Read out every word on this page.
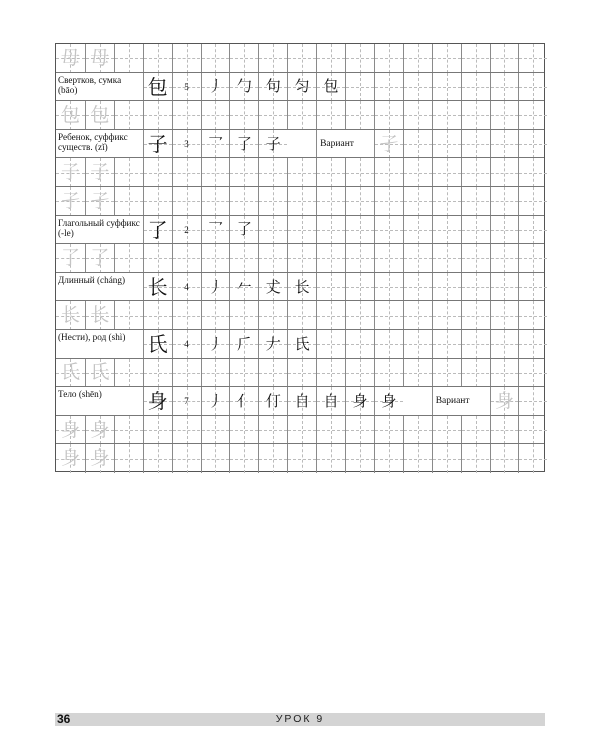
母 母
Свертков, сумка (bāo)	包	5	丿 勹 句 匀 包
包 包
Ребенок, суффикс существ. (zǐ)	子	3	乛 了 子	Вариант 孑
子 子
孑 孑
Глагольный суффикс (-le)	了	2	乛 了
了 了
Длинный (cháng)	长	4	丿 𠂉 𠀋 长
长 长
(Нести), род (shì)	氏	4	丿 𠂆 𠂇 氏
氏 氏
Тело (shēn)	身	7	丿 亻 仃 自 自 身 身	Вариант 身
身 身
身 身
36	УРОК 9
